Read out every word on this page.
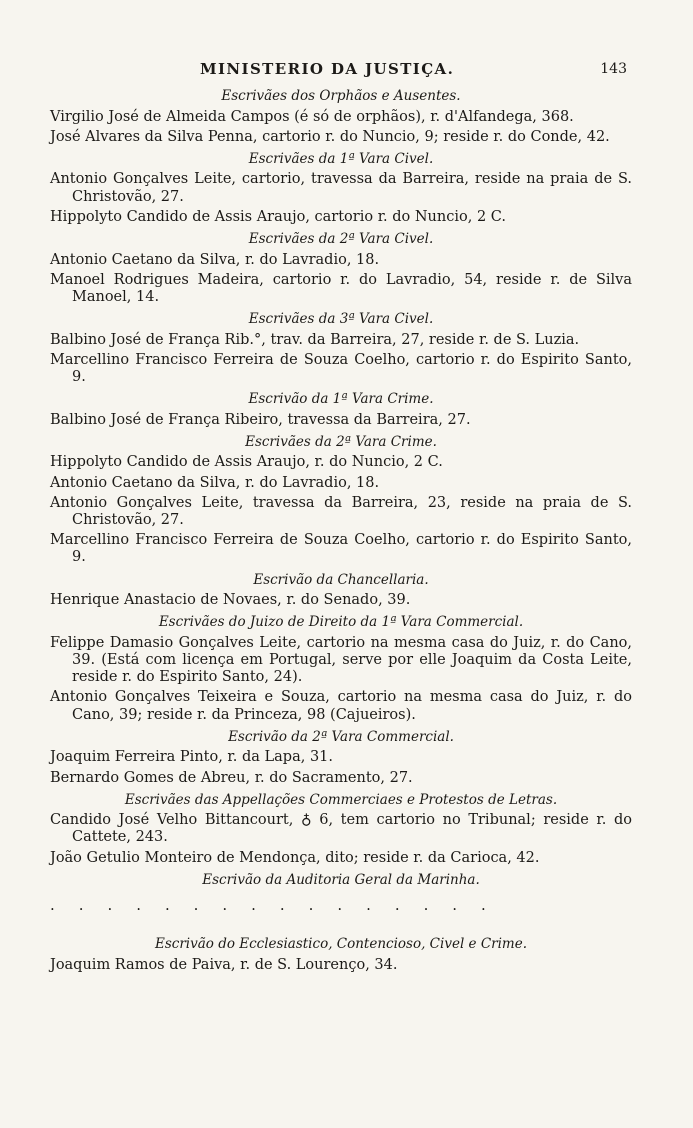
MINISTERIO DA JUSTIÇA.	143
Escrivães dos Orphãos e Ausentes.
Virgilio José de Almeida Campos (é só de orphãos), r. d'Alfandega, 368.
José Alvares da Silva Penna, cartorio r. do Nuncio, 9; reside r. do Conde, 42.
Escrivães da 1ª Vara Civel.
Antonio Gonçalves Leite, cartorio, travessa da Barreira, reside na praia de S. Christovão, 27.
Hippolyto Candido de Assis Araujo, cartorio r. do Nuncio, 2 C.
Escrivães da 2ª Vara Civel.
Antonio Caetano da Silva, r. do Lavradio, 18.
Manoel Rodrigues Madeira, cartorio r. do Lavradio, 54, reside r. de Silva Manoel, 14.
Escrivães da 3ª Vara Civel.
Balbino José de França Rib.°, trav. da Barreira, 27, reside r. de S. Luzia.
Marcellino Francisco Ferreira de Souza Coelho, cartorio r. do Espirito Santo, 9.
Escrivão da 1ª Vara Crime.
Balbino José de França Ribeiro, travessa da Barreira, 27.
Escrivães da 2ª Vara Crime.
Hippolyto Candido de Assis Araujo, r. do Nuncio, 2 C.
Antonio Caetano da Silva, r. do Lavradio, 18.
Antonio Gonçalves Leite, travessa da Barreira, 23, reside na praia de S. Christovão, 27.
Marcellino Francisco Ferreira de Souza Coelho, cartorio r. do Espirito Santo, 9.
Escrivão da Chancellaria.
Henrique Anastacio de Novaes, r. do Senado, 39.
Escrivães do Juizo de Direito da 1ª Vara Commercial.
Felippe Damasio Gonçalves Leite, cartorio na mesma casa do Juiz, r. do Cano, 39. (Está com licença em Portugal, serve por elle Joaquim da Costa Leite, reside r. do Espirito Santo, 24).
Antonio Gonçalves Teixeira e Souza, cartorio na mesma casa do Juiz, r. do Cano, 39; reside r. da Princeza, 98 (Cajueiros).
Escrivão da 2ª Vara Commercial.
Joaquim Ferreira Pinto, r. da Lapa, 31.
Bernardo Gomes de Abreu, r. do Sacramento, 27.
Escrivães das Appellações Commerciaes e Protestos de Letras.
Candido José Velho Bittancourt, ♁ 6, tem cartorio no Tribunal; reside r. do Cattete, 243.
João Getulio Monteiro de Mendonça, dito; reside r. da Carioca, 42.
Escrivão da Auditoria Geral da Marinha.
. . . . . . . . . . . . . . . .
Escrivão do Ecclesiastico, Contencioso, Civel e Crime.
Joaquim Ramos de Paiva, r. de S. Lourenço, 34.
